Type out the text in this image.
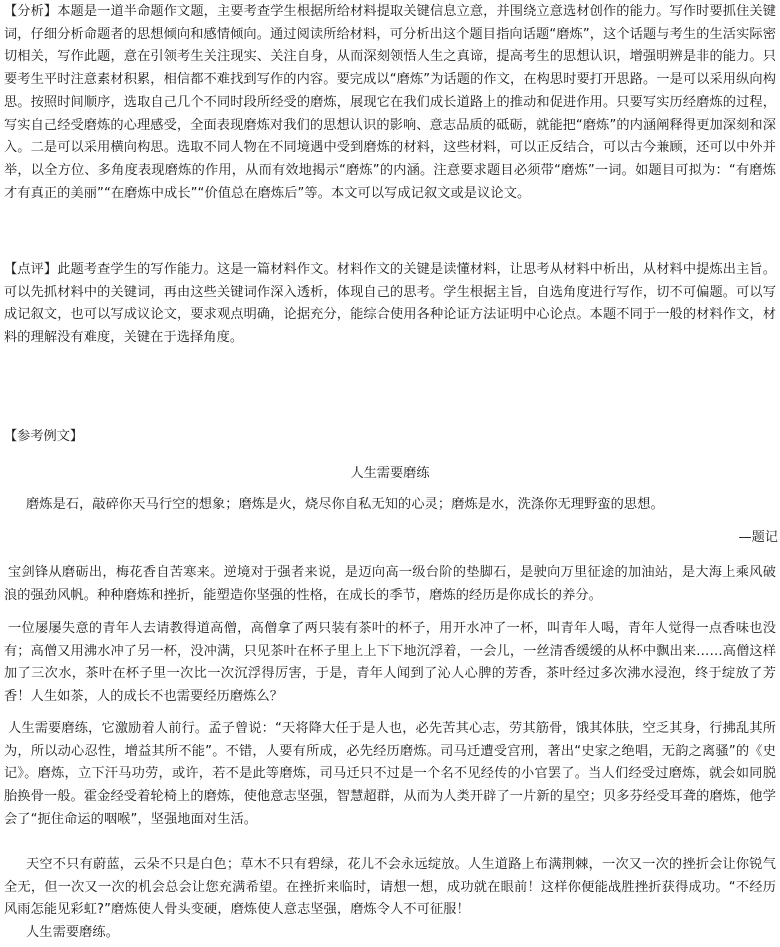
【分析】本题是一道半命题作文题，主要考查学生根据所给材料提取关键信息立意，并围绕立意选材创作的能力。写作时要抓住关键词，仔细分析命题者的思想倾向和感情倾向。通过阅读所给材料，可分析出这个题目指向话题“磨炼”，这个话题与考生的生活实际密切相关，写作此题，意在引领考生关注现实、关注自身，从而深刻领悟人生之真谛，提高考生的思想认识，增强明辨是非的能力。只要考生平时注意素材积累，相信都不难找到写作的内容。要完成以“磨炼”为话题的作文，在构思时要打开思路。一是可以采用纵向构思。按照时间顺序，选取自己几个不同时段所经受的磨炼，展现它在我们成长道路上的推动和促进作用。只要写实历经磨炼的过程，写实自己经受磨炼的心理感受，全面表现磨炼对我们的思想认识的影响、意志品质的砥砺，就能把“磨炼”的内涵阐释得更加深刻和深入。二是可以采用横向构思。选取不同人物在不同境遇中受到磨炼的材料，这些材料，可以正反结合，可以古今兼顾，还可以中外并举，以全方位、多角度表现磨炼的作用，从而有效地揭示“磨炼”的内涵。注意要求题目必须带“磨炼”一词。如题目可拟为：“有磨炼才有真正的美丽”“在磨炼中成长”“价值总在磨炼后”等。本文可以写成记叙文或是议论文。

【点评】此题考查学生的写作能力。这是一篇材料作文。材料作文的关键是读懂材料，让思考从材料中析出，从材料中提炼出主旨。可以先抓材料中的关键词，再由这些关键词作深入透析，体现自己的思考。学生根据主旨，自选角度进行写作，切不可偏题。可以写成记叙文，也可以写成议论文，要求观点明确，论据充分，能综合使用各种论证方法证明中心论点。本题不同于一般的材料作文，材料的理解没有难度，关键在于选择角度。

【参考例文】
人生需要磨练

磨炼是石，敲碎你天马行空的想象；磨炼是火，烧尽你自私无知的心灵；磨炼是水，洗涤你无理野蛮的思想。

—题记

宝剑锋从磨砺出，梅花香自苦寒来。逆境对于强者来说，是迈向高一级台阶的垫脚石，是驶向万里征途的加油站，是大海上乘风破浪的强劲风帆。种种磨炼和挫折，能塑造你坚强的性格，在成长的季节，磨炼的经历是你成长的养分。

一位屡屡失意的青年人去请教得道高僧，高僧拿了两只装有茶叶的杯子，用开水冲了一杯，叫青年人喝，青年人觉得一点香味也没有；高僧又用沸水冲了另一杯，没冲满，只见茶叶在杯子里上上下下地沉浮着，一会儿，一丝清香缓缓的从杯中飘出来……高僧这样加了三次水，茶叶在杯子里一次比一次沉浮得厉害，于是，青年人闻到了沁人心脾的芳香，茶叶经过多次沸水浸泡，终于绽放了芳香！人生如茶，人的成长不也需要经历磨炼么？

人生需要磨练，它激励着人前行。孟子曾说：“天将降大任于是人也，必先苦其心志，劳其筋骨，饿其体肤，空乏其身，行拂乱其所为，所以动心忍性，增益其所不能”。不错，人要有所成，必先经历磨炼。司马迁遭受宫刑，著出“史家之绝唱，无韵之离骚”的《史记》。磨炼，立下汗马功劳，或许，若不是此等磨炼，司马迁只不过是一个名不见经传的小官罢了。当人们经受过磨炼，就会如同脱胎换骨一般。霍金经受着轮椅上的磨炼，使他意志坚强，智慧超群，从而为人类开辟了一片新的星空；贝多芬经受耳聋的磨炼，他学会了“扼住命运的咽喉”，坚强地面对生活。

天空不只有蔚蓝，云朵不只是白色；草木不只有碧绿，花儿不会永远绽放。人生道路上布满荆棘，一次又一次的挫折会让你锐气全无，但一次又一次的机会总会让您充满希望。在挫折来临时，请想一想，成功就在眼前！这样你便能战胜挫折获得成功。“不经历风雨怎能见彩虹?”磨炼使人骨头变硬，磨炼使人意志坚强，磨炼令人不可征服！

人生需要磨练。
